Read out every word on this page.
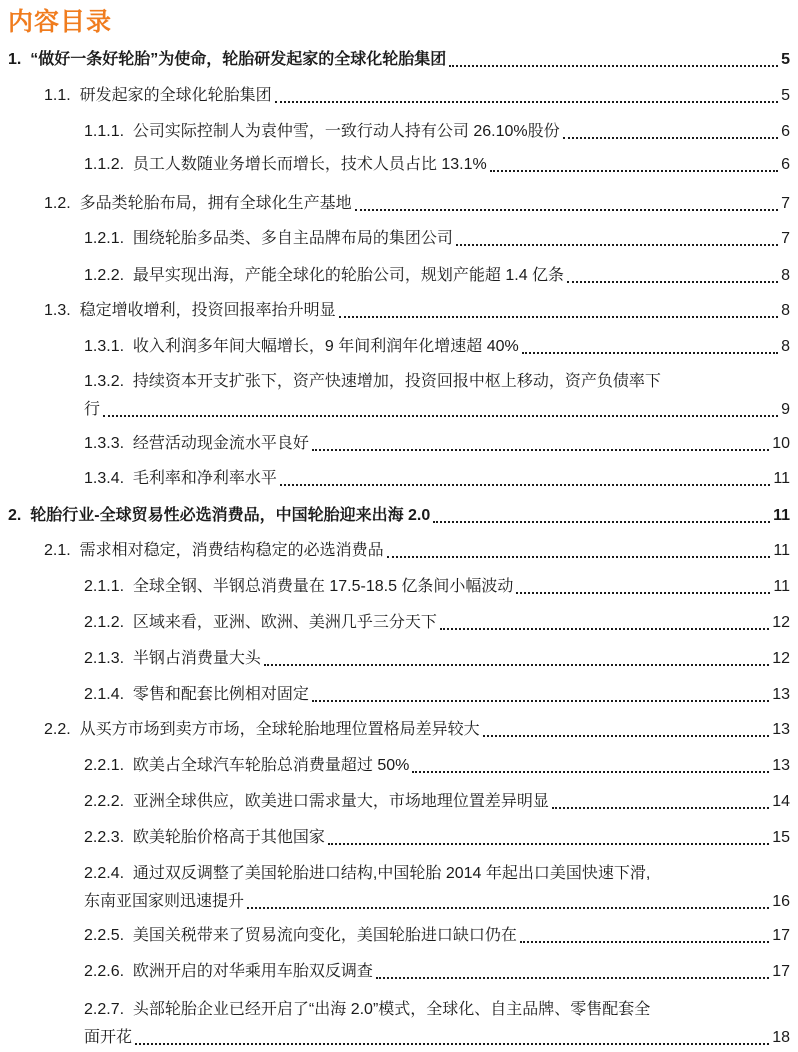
内容目录
1. “做好一条好轮胎”为使命，轮胎研发起家的全球化轮胎集团	5
1.1. 研发起家的全球化轮胎集团	5
1.1.1. 公司实际控制人为袁仲雪，一致行动人持有公司 26.10%股份	6
1.1.2. 员工人数随业务增长而增长，技术人员占比 13.1%	6
1.2. 多品类轮胎布局，拥有全球化生产基地	7
1.2.1. 围绕轮胎多品类、多自主品牌布局的集团公司	7
1.2.2. 最早实现出海，产能全球化的轮胎公司，规划产能超 1.4 亿条	8
1.3. 稳定增收增利，投资回报率抬升明显	8
1.3.1. 收入利润多年间大幅增长，9 年间利润年化增速超 40%	8
1.3.2.  持续资本开支扩张下，资产快速增加，投资回报中枢上移动，资产负债率下
行	9
1.3.3. 经营活动现金流水平良好	10
1.3.4. 毛利率和净利率水平	11
2. 轮胎行业-全球贸易性必选消费品，中国轮胎迎来出海 2.0	11
2.1. 需求相对稳定，消费结构稳定的必选消费品	11
2.1.1. 全球全钢、半钢总消费量在 17.5-18.5 亿条间小幅波动	11
2.1.2. 区域来看，亚洲、欧洲、美洲几乎三分天下	12
2.1.3. 半钢占消费量大头	12
2.1.4. 零售和配套比例相对固定	13
2.2. 从买方市场到卖方市场，全球轮胎地理位置格局差异较大	13
2.2.1. 欧美占全球汽车轮胎总消费量超过 50%	13
2.2.2. 亚洲全球供应，欧美进口需求量大，市场地理位置差异明显	14
2.2.3. 欧美轮胎价格高于其他国家	15
2.2.4.  通过双反调整了美国轮胎进口结构,中国轮胎 2014 年起出口美国快速下滑,
东南亚国家则迅速提升	16
2.2.5. 美国关税带来了贸易流向变化，美国轮胎进口缺口仍在	17
2.2.6. 欧洲开启的对华乘用车胎双反调查	17
2.2.7.  头部轮胎企业已经开启了“出海 2.0”模式，全球化、自主品牌、零售配套全
面开花	18
